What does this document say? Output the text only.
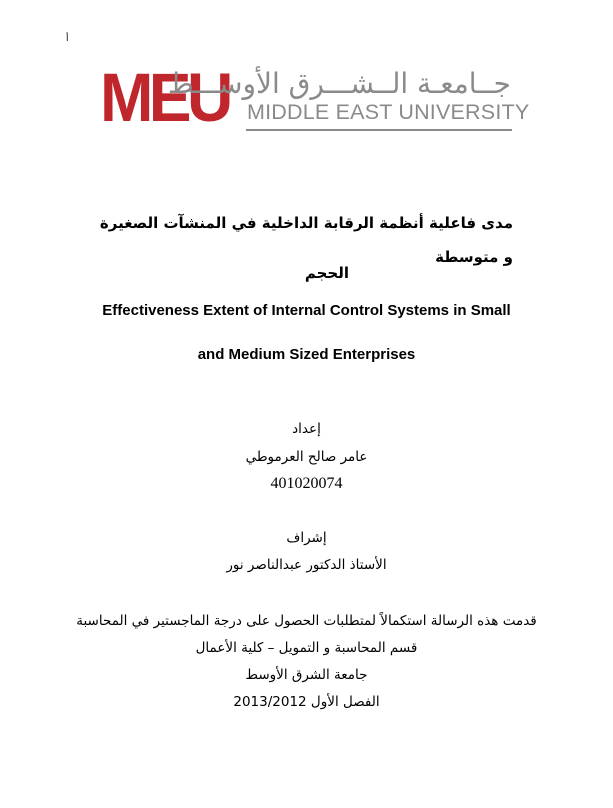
أ
MEU
جــامعـة الــشـــرق الأوســـط
MIDDLE EAST UNIVERSITY
مدى فاعلية أنظمة الرقابة الداخلية في المنشآت الصغيرة و متوسطة
الحجم
Effectiveness Extent of Internal Control Systems in Small
and Medium Sized Enterprises
إعداد
عامر صالح العرموطي
401020074
إشراف
الأستاذ الدكتور عبدالناصر نور
قدمت هذه الرسالة استكمالاً لمتطلبات الحصول على درجة الماجستير في المحاسبة
قسم المحاسبة و التمويل – كلية الأعمال
جامعة الشرق الأوسط
الفصل الأول 2013/2012
